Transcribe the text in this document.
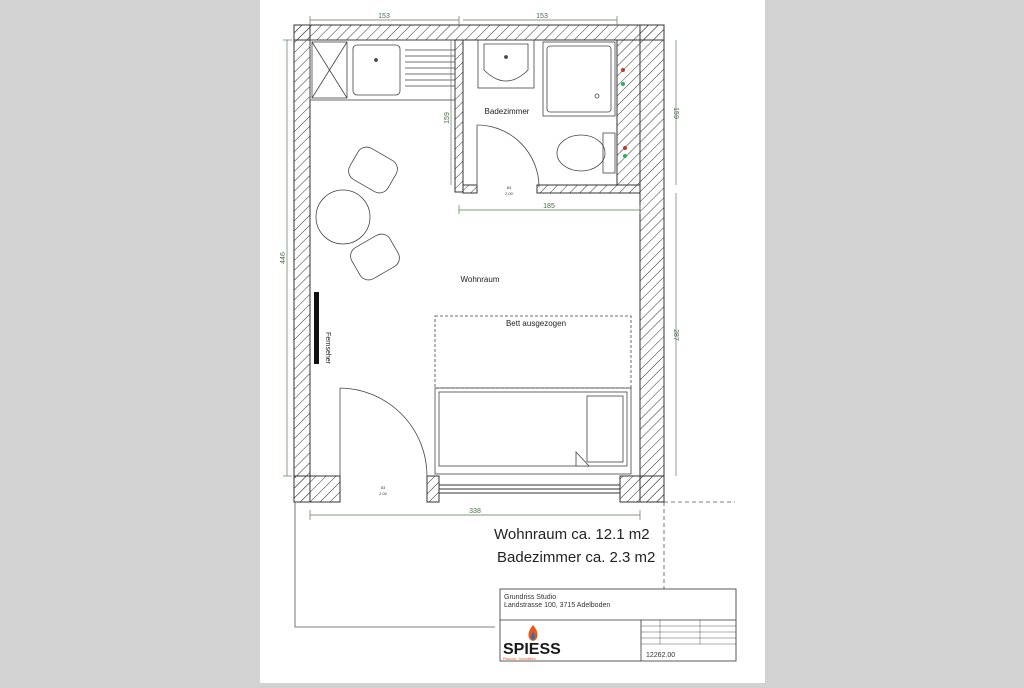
153	153
159	159
185
446
287
338
Badezimmer
Wohnraum
Bett ausgezogen
Fernseher
63
2.00
83
2.00
Wohnraum ca. 12.1 m2
Badezimmer ca. 2.3 m2
Grundriss Studio
Landstrasse 100, 3715 Adelboden
12262.00
SPIESS
Planung · Immobilien
